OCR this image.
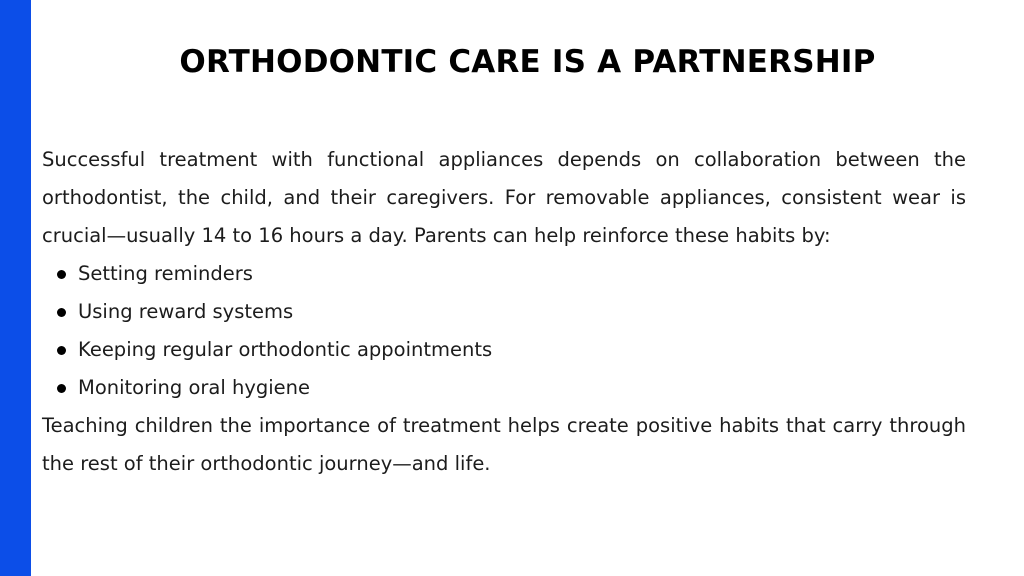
ORTHODONTIC CARE IS A PARTNERSHIP

Successful treatment with functional appliances depends on collaboration between the orthodontist, the child, and their caregivers. For removable appliances, consistent wear is crucial—usually 14 to 16 hours a day. Parents can help reinforce these habits by:

Setting reminders
Using reward systems
Keeping regular orthodontic appointments
Monitoring oral hygiene

Teaching children the importance of treatment helps create positive habits that carry through the rest of their orthodontic journey—and life.
